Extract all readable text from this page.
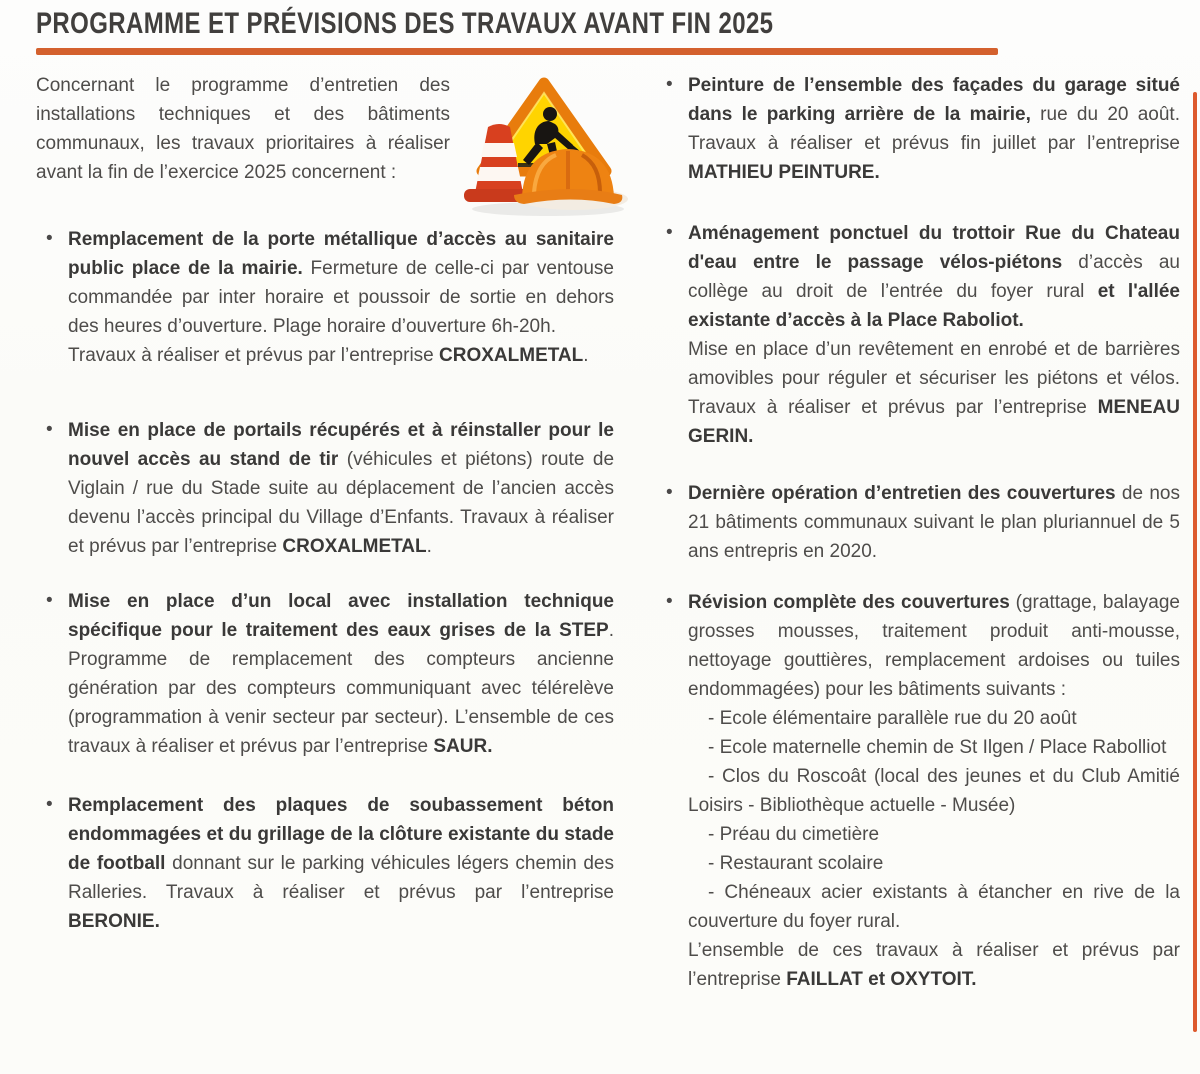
PROGRAMME ET PRÉVISIONS DES TRAVAUX AVANT FIN 2025

Concernant le programme d’entretien des installations techniques et des bâtiments communaux, les travaux prioritaires à réaliser avant la fin de l’exercice 2025 concernent :

• Remplacement de la porte métallique d’accès au sanitaire public place de la mairie. Fermeture de celle-ci par ventouse commandée par inter horaire et poussoir de sortie en dehors des heures d’ouverture. Plage horaire d’ouverture 6h-20h.
Travaux à réaliser et prévus par l’entreprise CROXALMETAL.
• Mise en place de portails récupérés et à réinstaller pour le nouvel accès au stand de tir (véhicules et piétons) route de Viglain / rue du Stade suite au déplacement de l’ancien accès devenu l’accès principal du Village d’Enfants. Travaux à réaliser et prévus par l’entreprise CROXALMETAL.
• Mise en place d’un local avec installation technique spécifique pour le traitement des eaux grises de la STEP. Programme de remplacement des compteurs ancienne génération par des compteurs communiquant avec télérelève (programmation à venir secteur par secteur). L’ensemble de ces travaux à réaliser et prévus par l’entreprise SAUR.
• Remplacement des plaques de soubassement béton endommagées et du grillage de la clôture existante du stade de football donnant sur le parking véhicules légers chemin des Ralleries. Travaux à réaliser et prévus par l’entreprise BERONIE.
• Peinture de l’ensemble des façades du garage situé dans le parking arrière de la mairie, rue du 20 août. Travaux à réaliser et prévus fin juillet par l’entreprise MATHIEU PEINTURE.
• Aménagement ponctuel du trottoir Rue du Chateau d'eau entre le passage vélos-piétons d’accès au collège au droit de l’entrée du foyer rural et l'allée existante d’accès à la Place Raboliot.
Mise en place d’un revêtement en enrobé et de barrières amovibles pour réguler et sécuriser les piétons et vélos. Travaux à réaliser et prévus par l’entreprise MENEAU GERIN.
• Dernière opération d’entretien des couvertures de nos 21 bâtiments communaux suivant le plan pluriannuel de 5 ans entrepris en 2020.
• Révision complète des couvertures (grattage, balayage grosses mousses, traitement produit anti-mousse, nettoyage gouttières, remplacement ardoises ou tuiles endommagées) pour les bâtiments suivants :

- Ecole élémentaire parallèle rue du 20 août

- Ecole maternelle chemin de St Ilgen / Place Rabolliot

- Clos du Roscoât (local des jeunes et du Club Amitié Loisirs - Bibliothèque actuelle - Musée)

- Préau du cimetière

- Restaurant scolaire

- Chéneaux acier existants à étancher en rive de la couverture du foyer rural.

L’ensemble de ces travaux à réaliser et prévus par l’entreprise FAILLAT et OXYTOIT.
